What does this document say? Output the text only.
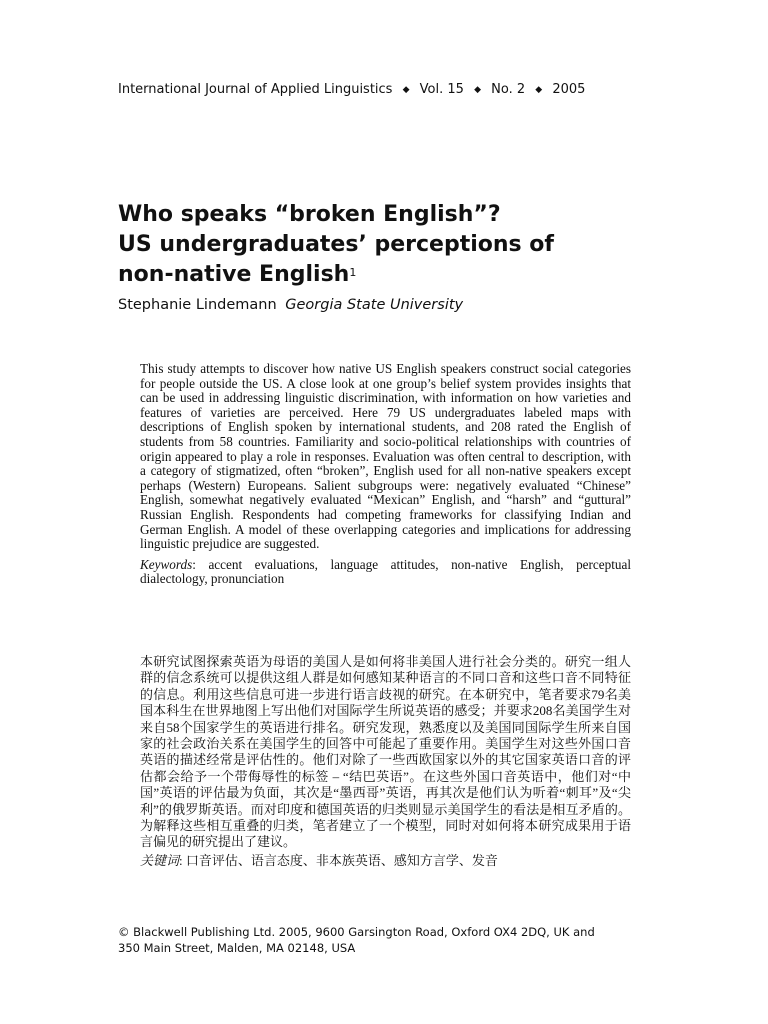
International Journal of Applied Linguistics ◆ Vol. 15 ◆ No. 2 ◆ 2005
Who speaks “broken English”?
US undergraduates’ perceptions of
non-native English$^1$
Stephanie Lindemann Georgia State University

This study attempts to discover how native US English speakers construct social categories for people outside the US. A close look at one group’s belief system provides insights that can be used in addressing linguistic discrimination, with information on how varieties and features of varieties are perceived. Here 79 US undergraduates labeled maps with descriptions of English spoken by international students, and 208 rated the English of students from 58 countries. Familiarity and socio-political relationships with countries of origin appeared to play a role in responses. Evaluation was often central to description, with a category of stigmatized, often “broken”, English used for all non-native speakers except perhaps (Western) Europeans. Salient subgroups were: negatively evaluated “Chinese” English, somewhat negatively evaluated “Mexican” English, and “harsh” and “guttural” Russian English. Respondents had competing frameworks for classifying Indian and German English. A model of these overlapping categories and implications for addressing linguistic prejudice are suggested.

Keywords: accent evaluations, language attitudes, non-native English, perceptual dialectology, pronunciation

本研究试图探索英语为母语的美国人是如何将非美国人进行社会分类的。研究一组人群的信念系统可以提供这组人群是如何感知某种语言的不同口音和这些口音不同特征的信息。利用这些信息可进一步进行语言歧视的研究。在本研究中，笔者要求79名美国本科生在世界地图上写出他们对国际学生所说英语的感受；并要求208名美国学生对来自58个国家学生的英语进行排名。研究发现，熟悉度以及美国同国际学生所来自国家的社会政治关系在美国学生的回答中可能起了重要作用。美国学生对这些外国口音英语的描述经常是评估性的。他们对除了一些西欧国家以外的其它国家英语口音的评估都会给予一个带侮辱性的标签 – “结巴英语”。在这些外国口音英语中，他们对“中国”英语的评估最为负面，其次是“墨西哥”英语，再其次是他们认为听着“刺耳”及“尖利”的俄罗斯英语。而对印度和德国英语的归类则显示美国学生的看法是相互矛盾的。为解释这些相互重叠的归类，笔者建立了一个模型，同时对如何将本研究成果用于语言偏见的研究提出了建议。

关键词: 口音评估、语言态度、非本族英语、感知方言学、发音

© Blackwell Publishing Ltd. 2005, 9600 Garsington Road, Oxford OX4 2DQ, UK and
350 Main Street, Malden, MA 02148, USA
